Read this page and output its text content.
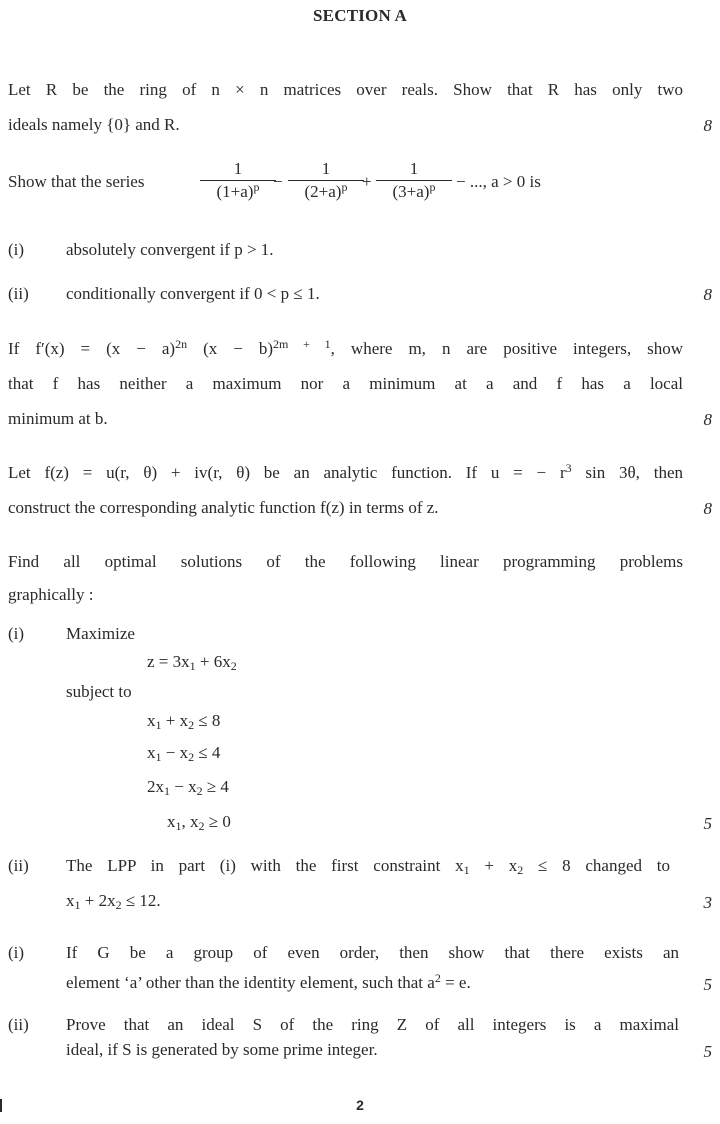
SECTION A
Let R be the ring of n × n matrices over reals. Show that R has only two
ideals namely {0} and R.	8
Show that the series
1
$(1+a)^p$ −
1
$(2+a)^p$ +
1
$(3+a)^p$	− ..., a > 0 is
(i) absolutely convergent if p > 1.
(ii) conditionally convergent if 0 < p ≤ 1.	8
If $f'(x) = (x - a)^{2n}$ $(x - b)^{2m + 1}$, where m, n are positive integers, show
that f has neither a maximum nor a minimum at a and f has a local
minimum at b.	8
Let f(z) = u(r, θ) + iv(r, θ) be an analytic function. If u = − $r^3$ sin 3θ, then
construct the corresponding analytic function f(z) in terms of z.	8
Find all optimal solutions of the following linear programming problems
graphically :
(i) Maximize
$z = 3x_1 + 6x_2$
subject to
$x_1 + x_2 \le 8$
$x_1 - x_2 \le 4$
$2x_1 - x_2 \ge 4$
$x_1$, $x_2 \ge 0$	5
(ii) The LPP in part (i) with the first constraint $x_1 + x_2 \le 8$ changed to
$x_1 + 2x_2 \le 12$.	3
(i) If G be a group of even order, then show that there exists an
element ‘a’ other than the identity element, such that $a^2 = e$.	5
(ii) Prove that an ideal S of the ring Z of all integers is a maximal
ideal, if S is generated by some prime integer.	5
2
